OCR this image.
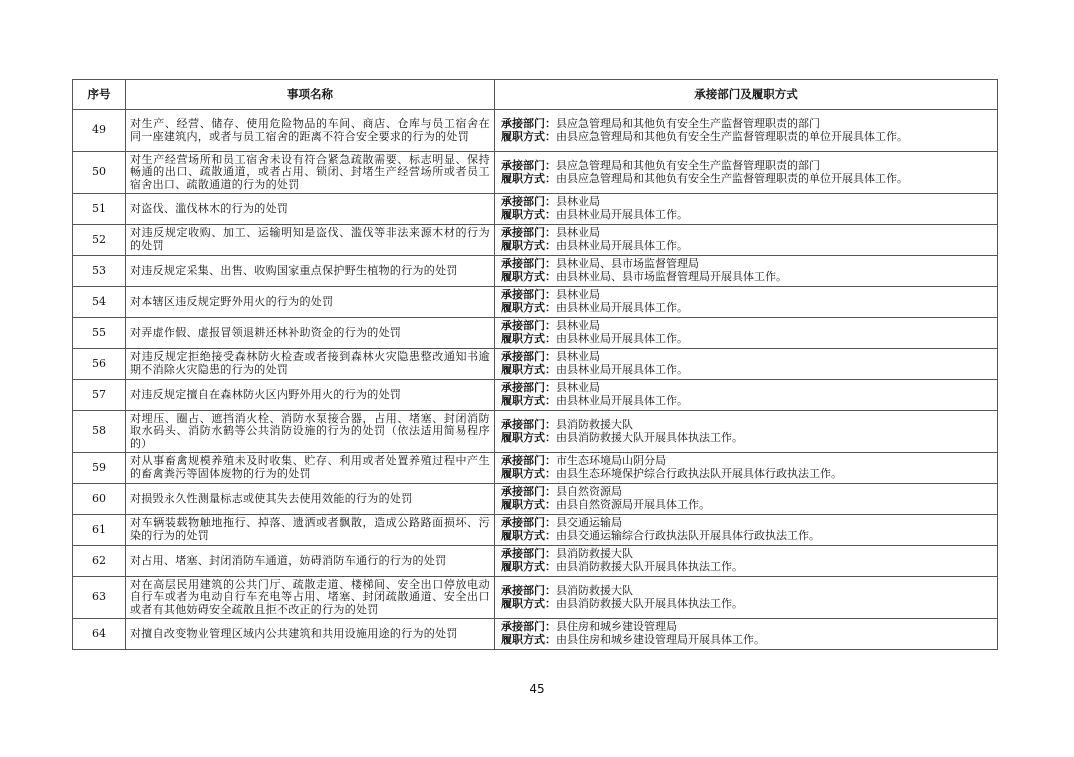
序号	事项名称	承接部门及履职方式
49	对生产、经营、储存、使用危险物品的车间、商店、仓库与员工宿舍在同一座建筑内，或者与员工宿舍的距离不符合安全要求的行为的处罚	承接部门：县应急管理局和其他负有安全生产监督管理职责的部门
履职方式：由县应急管理局和其他负有安全生产监督管理职责的单位开展具体工作。

50	对生产经营场所和员工宿舍未设有符合紧急疏散需要、标志明显、保持畅通的出口、疏散通道，或者占用、锁闭、封堵生产经营场所或者员工宿舍出口、疏散通道的行为的处罚	承接部门：县应急管理局和其他负有安全生产监督管理职责的部门
履职方式：由县应急管理局和其他负有安全生产监督管理职责的单位开展具体工作。

51	对盗伐、滥伐林木的行为的处罚	承接部门：县林业局
履职方式：由县林业局开展具体工作。

52	对违反规定收购、加工、运输明知是盗伐、滥伐等非法来源木材的行为的处罚	承接部门：县林业局
履职方式：由县林业局开展具体工作。

53	对违反规定采集、出售、收购国家重点保护野生植物的行为的处罚	承接部门：县林业局、县市场监督管理局
履职方式：由县林业局、县市场监督管理局开展具体工作。

54	对本辖区违反规定野外用火的行为的处罚	承接部门：县林业局
履职方式：由县林业局开展具体工作。

55	对弄虚作假、虚报冒领退耕还林补助资金的行为的处罚	承接部门：县林业局
履职方式：由县林业局开展具体工作。

56	对违反规定拒绝接受森林防火检查或者接到森林火灾隐患整改通知书逾期不消除火灾隐患的行为的处罚	承接部门：县林业局
履职方式：由县林业局开展具体工作。

57	对违反规定擅自在森林防火区内野外用火的行为的处罚	承接部门：县林业局
履职方式：由县林业局开展具体工作。

58	对埋压、圈占、遮挡消火栓、消防水泵接合器，占用、堵塞、封闭消防取水码头、消防水鹤等公共消防设施的行为的处罚（依法适用简易程序的）	承接部门：县消防救援大队
履职方式：由县消防救援大队开展具体执法工作。

59	对从事畜禽规模养殖未及时收集、贮存、利用或者处置养殖过程中产生的畜禽粪污等固体废物的行为的处罚	承接部门：市生态环境局山阴分局
履职方式：由县生态环境保护综合行政执法队开展具体行政执法工作。

60	对损毁永久性测量标志或使其失去使用效能的行为的处罚	承接部门：县自然资源局
履职方式：由县自然资源局开展具体工作。

61	对车辆装载物触地拖行、掉落、遗洒或者飘散，造成公路路面损坏、污染的行为的处罚	承接部门：县交通运输局
履职方式：由县交通运输综合行政执法队开展具体行政执法工作。

62	对占用、堵塞、封闭消防车通道，妨碍消防车通行的行为的处罚	承接部门：县消防救援大队
履职方式：由县消防救援大队开展具体执法工作。

63	对在高层民用建筑的公共门厅、疏散走道、楼梯间、安全出口停放电动自行车或者为电动自行车充电等占用、堵塞、封闭疏散通道、安全出口或者有其他妨碍安全疏散且拒不改正的行为的处罚	承接部门：县消防救援大队
履职方式：由县消防救援大队开展具体执法工作。

64	对擅自改变物业管理区域内公共建筑和共用设施用途的行为的处罚	承接部门：县住房和城乡建设管理局
履职方式：由县住房和城乡建设管理局开展具体工作。
45
